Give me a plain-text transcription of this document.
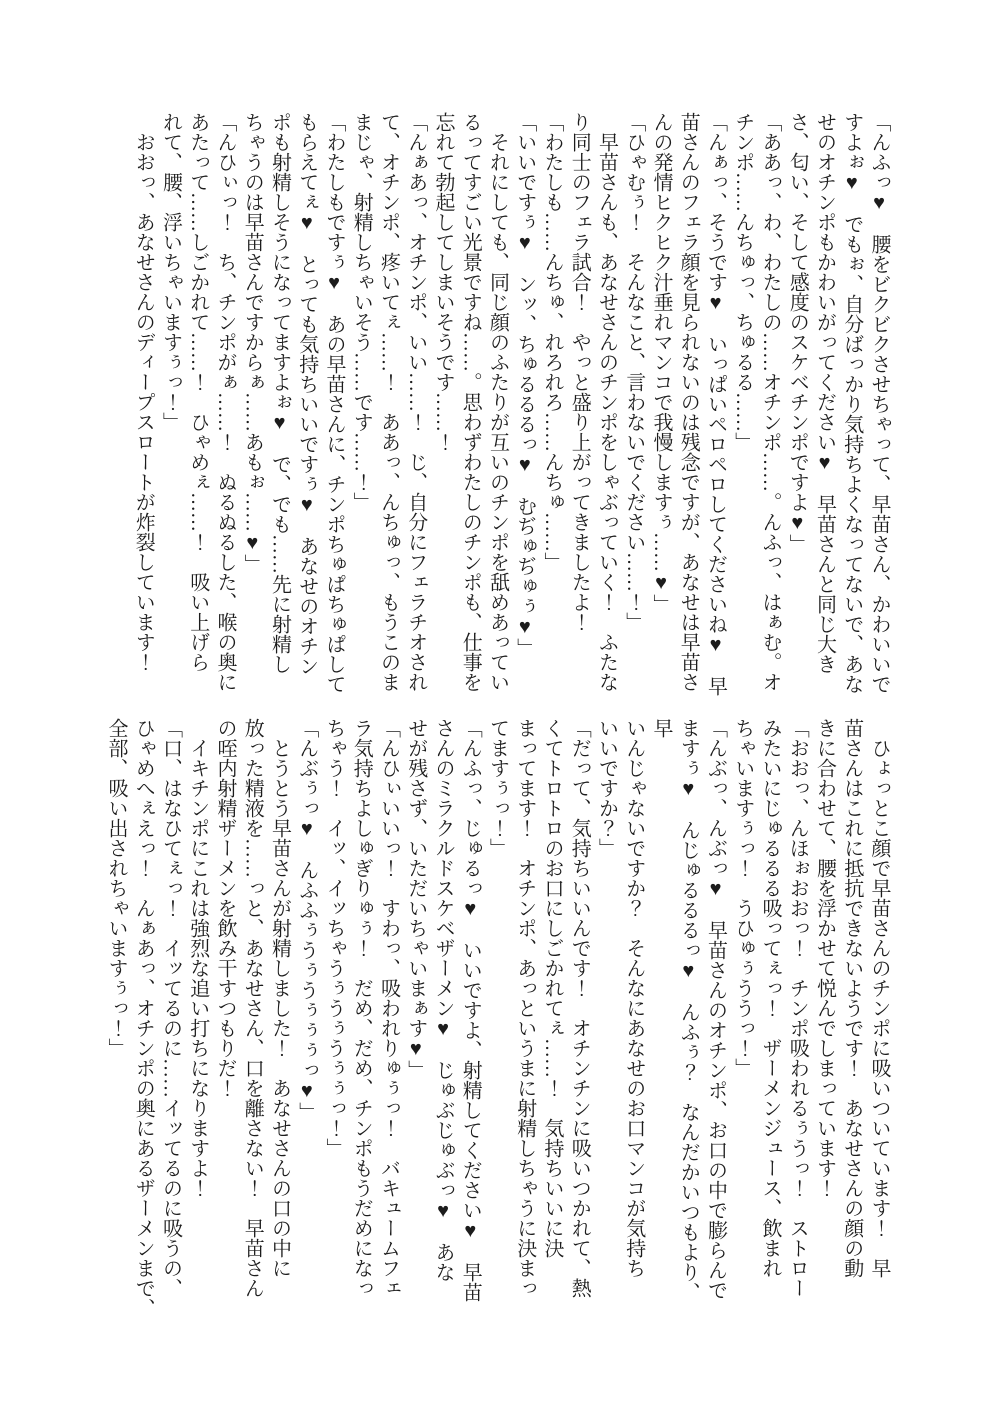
「んふっ♥　腰をビクビクさせちゃって、早苗さん、かわいいで

すよぉ♥　でもぉ、自分ばっかり気持ちよくなってないで、あな

せのオチンポもかわいがってください♥　早苗さんと同じ大き

さ、匂い、そして感度のスケベチンポですよ♥」

「ああっ、わ、わたしの……オチンポ……。んふっ、はぁむ。オ

チンポ……んちゅっ、ちゅるる……」

「んぁっ、そうです♥　いっぱいペロペロしてくださいね♥　早

苗さんのフェラ顔を見られないのは残念ですが、あなせは早苗さ

んの発情ヒクヒク汁垂れマンコで我慢しますぅ……♥」

「ひゃむぅ！　そんなこと、言わないでください……！」

　早苗さんも、あなせさんのチンポをしゃぶっていく！　ふたな

り同士のフェラ試合！　やっと盛り上がってきましたよ！

「わたしも……んちゅ、れろれろ……んちゅ……」

「いいですぅ♥　ンッ、ちゅるるるっ♥　むぢゅぢゅぅ♥」

　それにしても、同じ顔のふたりが互いのチンポを舐めあってい

るってすごい光景ですね……。思わずわたしのチンポも、仕事を

忘れて勃起してしまいそうです……！

「んぁあっ、オチンポ、いい……！　じ、自分にフェラチオされ

て、オチンポ、疼いてぇ……！　ああっ、んちゅっ、もうこのま

まじゃ、射精しちゃいそう……です……！」

「わたしもですぅ♥　あの早苗さんに、チンポちゅぱちゅぱして

もらえてぇ♥　とっても気持ちいいですぅ♥　あなせのオチン

ポも射精しそうになってますよぉ♥　で、でも……先に射精し

ちゃうのは早苗さんですからぁ……あもぉ……♥」

「んひぃっ！　ち、チンポがぁ……！　ぬるぬるした、喉の奥に

あたって……しごかれて……！　ひゃめぇ……！　吸い上げら

れて、腰、浮いちゃいますぅっ！」

　おおっ、あなせさんのディープスロートが炸裂しています！

　ひょっとこ顔で早苗さんのチンポに吸いついています！　早

苗さんはこれに抵抗できないようです！　あなせさんの顔の動

きに合わせて、腰を浮かせて悦んでしまっています！

「おおっ、んほぉおおっ！　チンポ吸われるぅうっ！　ストロー

みたいにじゅるるる吸ってぇっ！　ザーメンジュース、飲まれ

ちゃいますぅっ！　うひゅぅううっ！」

「んぶっ、んぶっ♥　早苗さんのオチンポ、お口の中で膨らんで

ますぅ♥　んじゅるるるっ♥　んふぅ？　なんだかいつもより、早

いんじゃないですか？　そんなにあなせのお口マンコが気持ち

いいですか？」

「だって、気持ちいいんです！　オチンチンに吸いつかれて、熱

くてトロトロのお口にしごかれてぇ……！　気持ちいいに決

まってます！　オチンポ、あっというまに射精しちゃうに決まっ

てますぅっ！」

「んふっ、じゅるっ♥　いいですよ、射精してください♥　早苗

さんのミラクルドスケベザーメン♥　じゅぶじゅぶっ♥　あな

せが残さず、いただいちゃいまぁす♥」

「んひぃいいっ！　すわっ、吸われりゅぅっ！　バキュームフェ

ラ気持ちよしゅぎりゅぅ！　だめ、だめ、チンポもうだめになっ

ちゃう！　イッ、イッちゃうぅうぅうぅぅっ！」

「んぶぅっ♥　んふふぅうぅうぅぅぅっ♥」

　とうとう早苗さんが射精しました！　あなせさんの口の中に

放った精液を……っと、あなせさん、口を離さない！　早苗さん

の咥内射精ザーメンを飲み干すつもりだ！

　イキチンポにこれは強烈な追い打ちになりますよ！

「口、はなひてぇっ！　イッてるのに……イッてるのに吸うの、

ひゃめへぇえっ！　んぁあっ、オチンポの奥にあるザーメンまで、

全部、吸い出されちゃいますぅっ！」
